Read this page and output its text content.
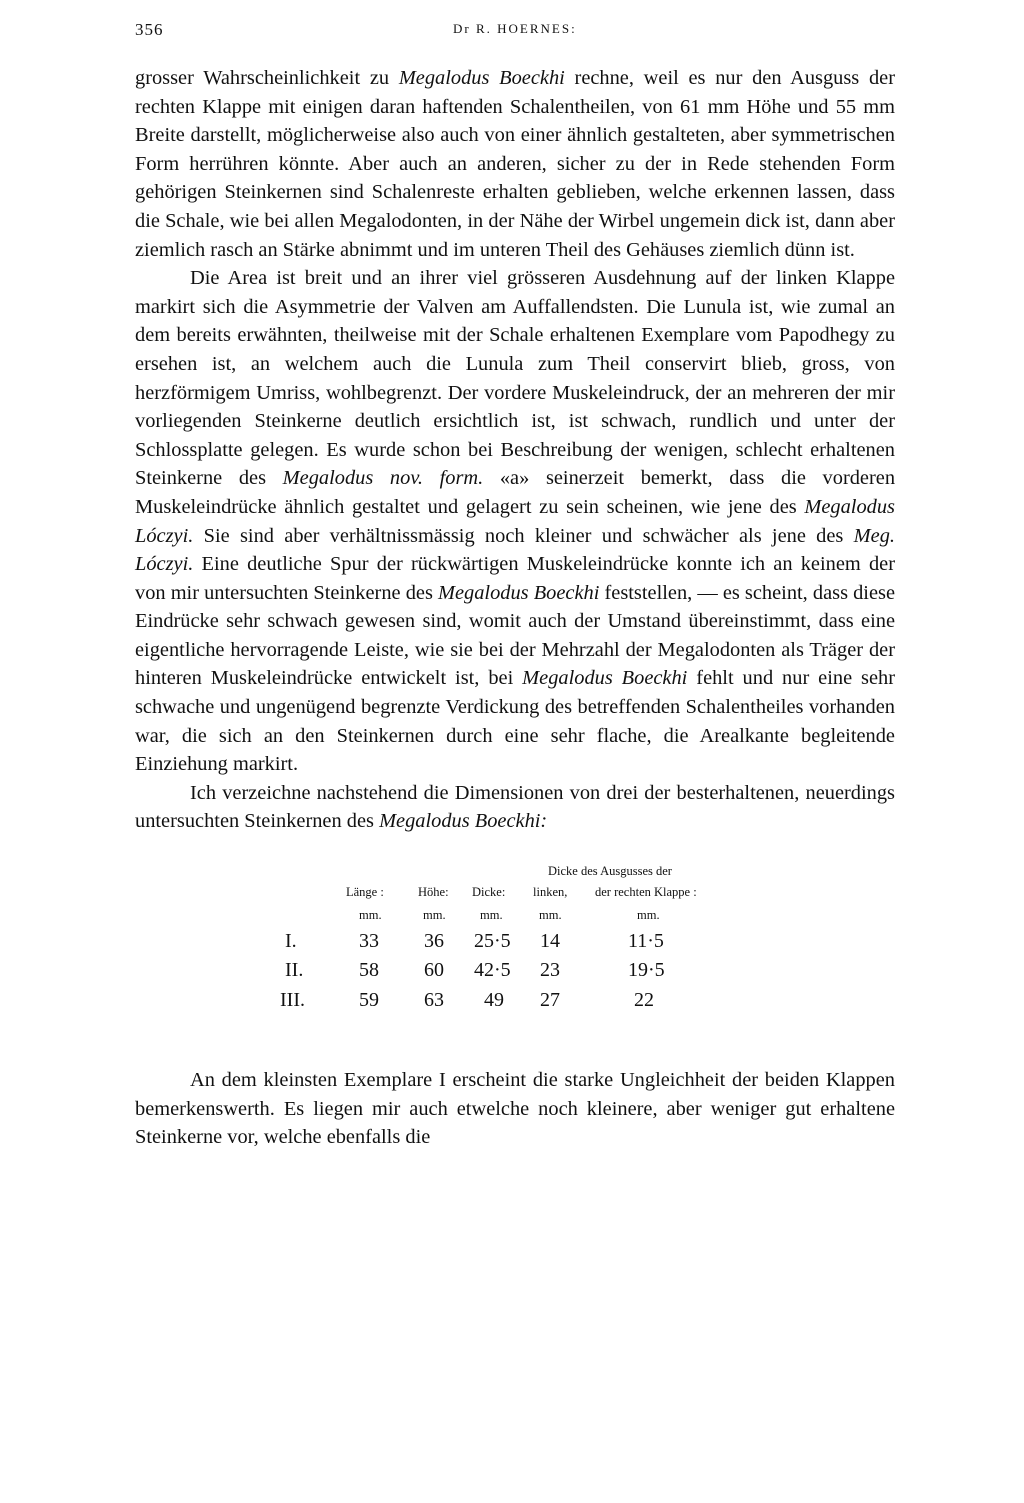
356	Dr R. HOERNES:

grosser Wahrscheinlichkeit zu Megalodus Boeckhi rechne, weil es nur den Ausguss der rechten Klappe mit einigen daran haftenden Schalentheilen, von 61 mm Höhe und 55 mm Breite darstellt, möglicherweise also auch von einer ähnlich gestalteten, aber symmetrischen Form herrühren könnte. Aber auch an anderen, sicher zu der in Rede stehenden Form gehörigen Steinkernen sind Schalenreste erhalten geblieben, welche erkennen lassen, dass die Schale, wie bei allen Megalodonten, in der Nähe der Wirbel ungemein dick ist, dann aber ziemlich rasch an Stärke abnimmt und im unteren Theil des Gehäuses ziemlich dünn ist.

Die Area ist breit und an ihrer viel grösseren Ausdehnung auf der linken Klappe markirt sich die Asymmetrie der Valven am Auffallendsten. Die Lunula ist, wie zumal an dem bereits erwähnten, theilweise mit der Schale erhaltenen Exemplare vom Papodhegy zu ersehen ist, an welchem auch die Lunula zum Theil conservirt blieb, gross, von herzförmigem Umriss, wohlbegrenzt. Der vordere Muskeleindruck, der an mehreren der mir vorliegenden Steinkerne deutlich ersichtlich ist, ist schwach, rundlich und unter der Schlossplatte gelegen. Es wurde schon bei Beschreibung der wenigen, schlecht erhaltenen Steinkerne des Megalodus nov. form. «a» seinerzeit bemerkt, dass die vorderen Muskeleindrücke ähnlich gestaltet und gelagert zu sein scheinen, wie jene des Megalodus Lóczyi. Sie sind aber verhältnissmässig noch kleiner und schwächer als jene des Meg. Lóczyi. Eine deutliche Spur der rückwärtigen Muskeleindrücke konnte ich an keinem der von mir untersuchten Steinkerne des Megalodus Boeckhi feststellen, — es scheint, dass diese Eindrücke sehr schwach gewesen sind, womit auch der Umstand übereinstimmt, dass eine eigentliche hervorragende Leiste, wie sie bei der Mehrzahl der Megalodonten als Träger der hinteren Muskeleindrücke entwickelt ist, bei Megalodus Boeckhi fehlt und nur eine sehr schwache und ungenügend begrenzte Verdickung des betreffenden Schalentheiles vorhanden war, die sich an den Steinkernen durch eine sehr flache, die Arealkante begleitende Einziehung markirt.

Ich verzeichne nachstehend die Dimensionen von drei der besterhaltenen, neuerdings untersuchten Steinkernen des Megalodus Boeckhi:

Dicke des Ausgusses der
Länge :	Höhe: Dicke: linken, der rechten Klappe :
mm.	mm.	mm.	mm.	mm.
I.	33 36 25·5 14	11·5
II.	58 60 42·5 23	19·5
III.	59 63 49 27	22

An dem kleinsten Exemplare I erscheint die starke Ungleichheit der beiden Klappen bemerkenswerth. Es liegen mir auch etwelche noch kleinere, aber weniger gut erhaltene Steinkerne vor, welche ebenfalls die
